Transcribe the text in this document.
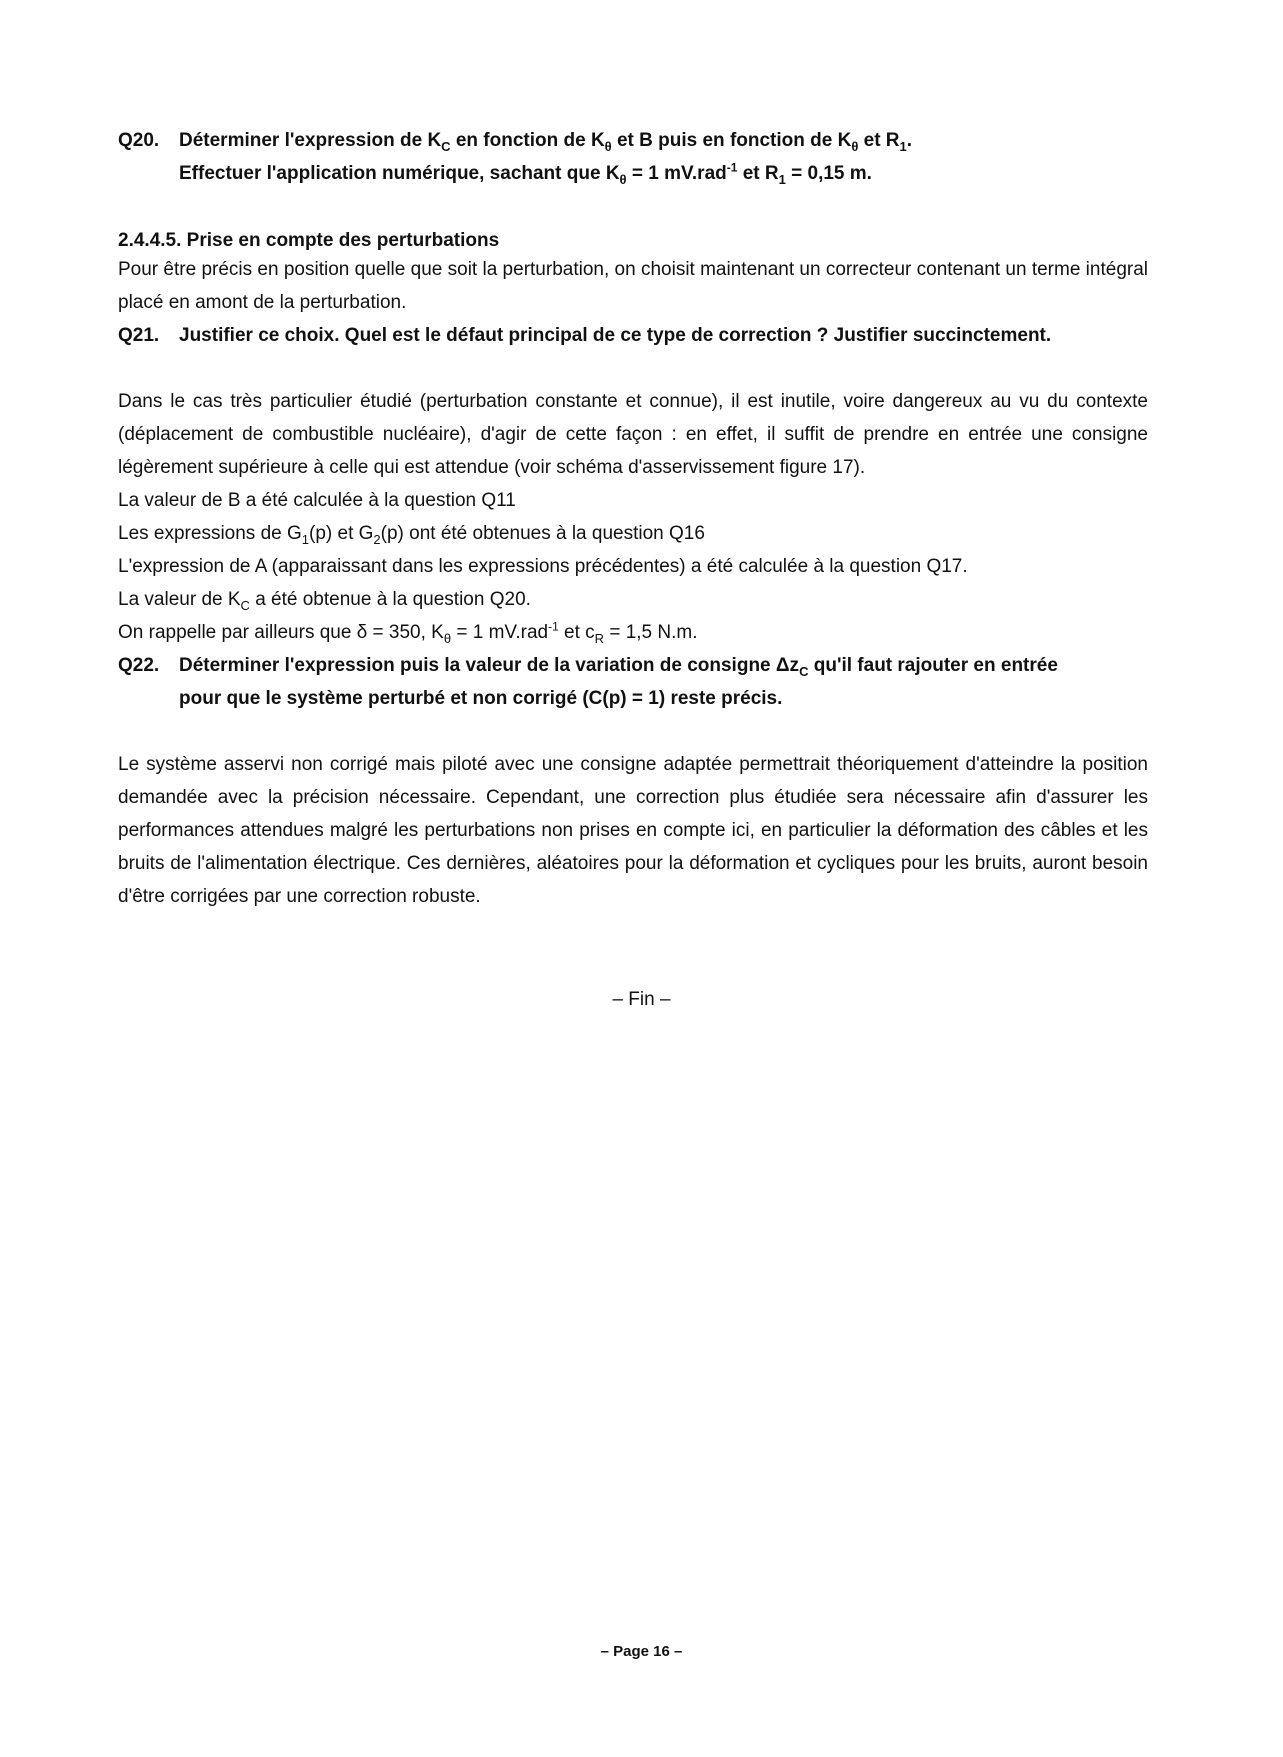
Q20. Déterminer l'expression de $K_C$ en fonction de $K_\theta$ et B puis en fonction de $K_\theta$ et $R_1$.
Effectuer l'application numérique, sachant que $K_\theta = 1$ mV.rad$^{-1}$ et $R_1 = 0,15$ m.
2.4.4.5. Prise en compte des perturbations

Pour être précis en position quelle que soit la perturbation, on choisit maintenant un correcteur contenant un terme intégral placé en amont de la perturbation.

Q21. Justifier ce choix. Quel est le défaut principal de ce type de correction ? Justifier succinctement.

Dans le cas très particulier étudié (perturbation constante et connue), il est inutile, voire dangereux au vu du contexte (déplacement de combustible nucléaire), d'agir de cette façon : en effet, il suffit de prendre en entrée une consigne légèrement supérieure à celle qui est attendue (voir schéma d'asservissement figure 17).

La valeur de B a été calculée à la question Q11
Les expressions de $G_1(p)$ et $G_2(p)$ ont été obtenues à la question Q16
L'expression de A (apparaissant dans les expressions précédentes) a été calculée à la question Q17.
La valeur de $K_C$ a été obtenue à la question Q20.
On rappelle par ailleurs que δ = 350, $K_\theta = 1$ mV.rad$^{-1}$ et $c_R = 1,5$ N.m.
Q22. Déterminer l'expression puis la valeur de la variation de consigne $\Delta z_C$ qu'il faut rajouter en entrée
pour que le système perturbé et non corrigé (C(p) = 1) reste précis.

Le système asservi non corrigé mais piloté avec une consigne adaptée permettrait théoriquement d'atteindre la position demandée avec la précision nécessaire. Cependant, une correction plus étudiée sera nécessaire afin d'assurer les performances attendues malgré les perturbations non prises en compte ici, en particulier la déformation des câbles et les bruits de l'alimentation électrique. Ces dernières, aléatoires pour la déformation et cycliques pour les bruits, auront besoin d'être corrigées par une correction robuste.

– Fin –
– Page 16 –
